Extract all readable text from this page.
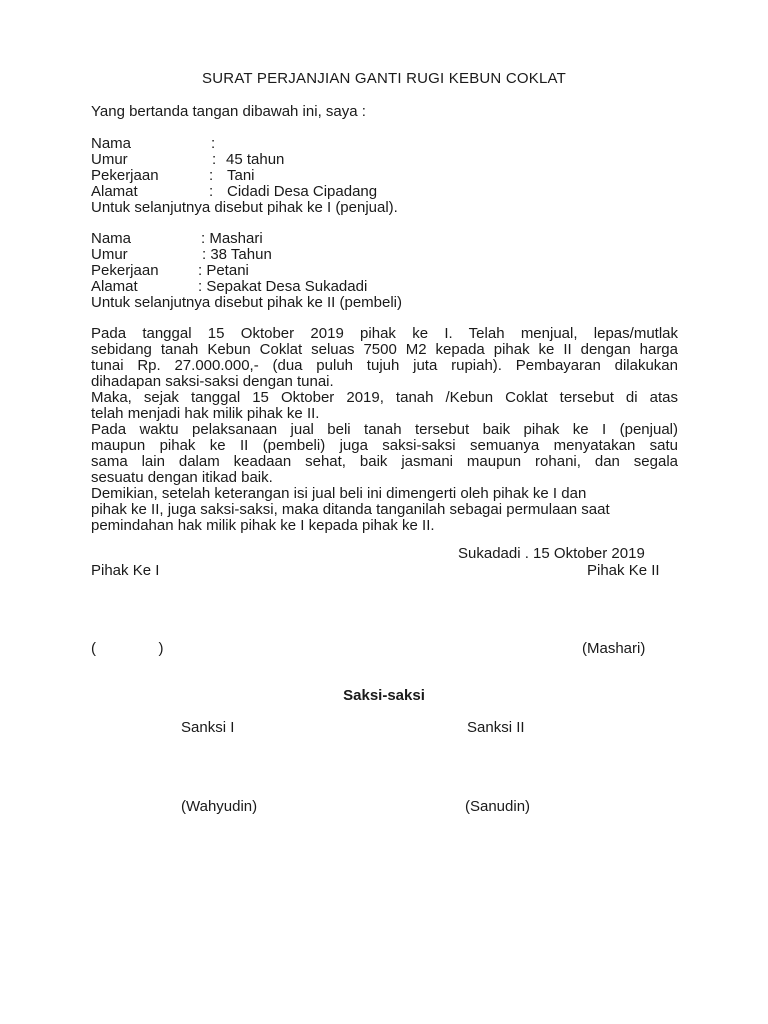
SURAT PERJANJIAN GANTI RUGI KEBUN COKLAT
Yang bertanda tangan dibawah ini, saya :
Nama	:
Umur	: 45 tahun
Pekerjaan	: Tani
Alamat	: Cidadi Desa Cipadang
Untuk selanjutnya disebut pihak ke I (penjual).
Nama	: Mashari
Umur	: 38 Tahun
Pekerjaan	: Petani
Alamat	: Sepakat Desa Sukadadi
Untuk selanjutnya disebut pihak ke II (pembeli)
Pada tanggal 15 Oktober 2019 pihak ke I. Telah menjual, lepas/mutlak
sebidang tanah Kebun Coklat seluas 7500 M2 kepada pihak ke II dengan harga
tunai Rp. 27.000.000,- (dua puluh tujuh juta rupiah). Pembayaran dilakukan
dihadapan saksi-saksi dengan tunai.
Maka, sejak tanggal 15 Oktober 2019, tanah /Kebun Coklat tersebut di atas
telah menjadi hak milik pihak ke II.
Pada waktu pelaksanaan jual beli tanah tersebut baik pihak ke I (penjual)
maupun pihak ke II (pembeli) juga saksi-saksi semuanya menyatakan satu
sama lain dalam keadaan sehat, baik jasmani maupun rohani, dan segala
sesuatu dengan itikad baik.
Demikian, setelah keterangan isi jual beli ini dimengerti oleh pihak ke I dan
pihak ke II, juga saksi-saksi, maka ditanda tanganilah sebagai permulaan saat
pemindahan hak milik pihak ke I kepada pihak ke II.
Sukadadi . 15 Oktober 2019
Pihak Ke I	Pihak Ke II
(               )	(Mashari)
Saksi-saksi
Sanksi I	Sanksi II
(Wahyudin)	(Sanudin)
